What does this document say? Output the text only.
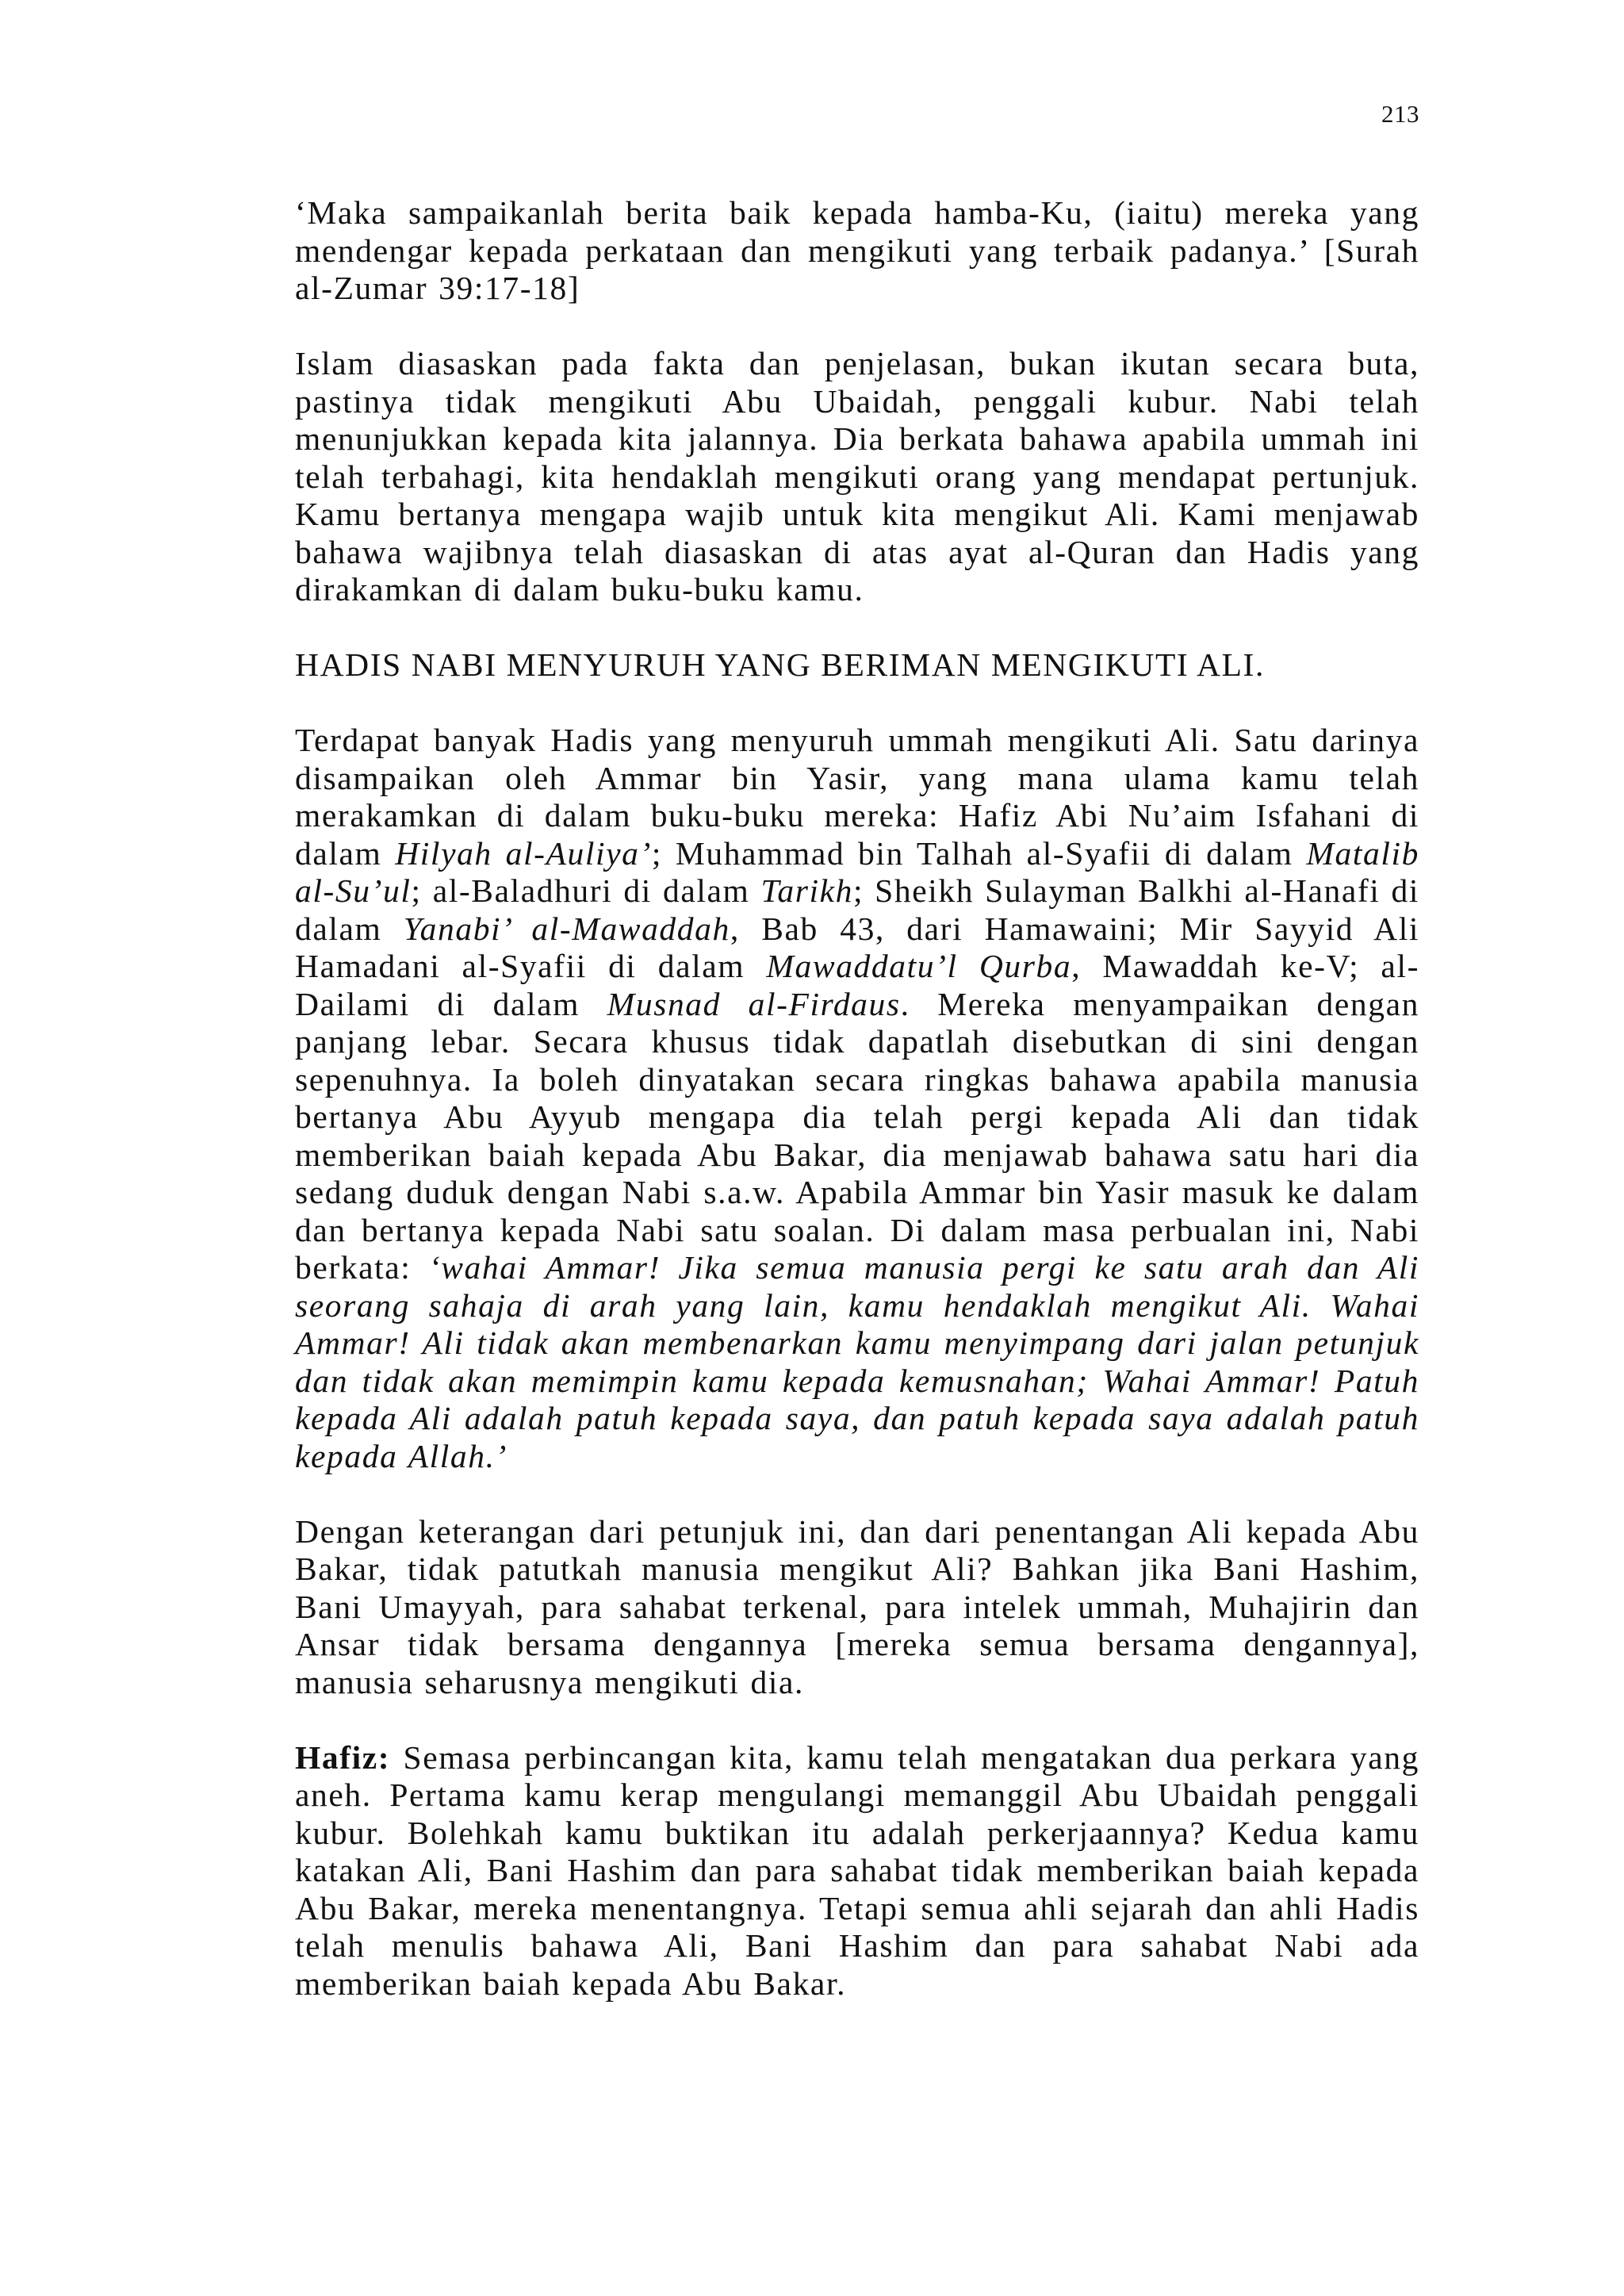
213

‘Maka sampaikanlah berita baik kepada hamba-Ku, (iaitu) mereka yang mendengar kepada perkataan dan mengikuti yang terbaik padanya.’ [Surah al-Zumar 39:17-18]

Islam diasaskan pada fakta dan penjelasan, bukan ikutan secara buta, pastinya tidak mengikuti Abu Ubaidah, penggali kubur. Nabi telah menunjukkan kepada kita jalannya. Dia berkata bahawa apabila ummah ini telah terbahagi, kita hendaklah mengikuti orang yang mendapat pertunjuk. Kamu bertanya mengapa wajib untuk kita mengikut Ali. Kami menjawab bahawa wajibnya telah diasaskan di atas ayat al-Quran dan Hadis yang dirakamkan di dalam buku-buku kamu.

HADIS NABI MENYURUH YANG BERIMAN MENGIKUTI ALI.

Terdapat banyak Hadis yang menyuruh ummah mengikuti Ali. Satu darinya disampaikan oleh Ammar bin Yasir, yang mana ulama kamu telah merakamkan di dalam buku-buku mereka: Hafiz Abi Nu’aim Isfahani di dalam Hilyah al-Auliya’; Muhammad bin Talhah al-Syafii di dalam Matalib al-Su’ul; al-Baladhuri di dalam Tarikh; Sheikh Sulayman Balkhi al-Hanafi di dalam Yanabi’ al-Mawaddah, Bab 43, dari Hamawaini; Mir Sayyid Ali Hamadani al-Syafii di dalam Mawaddatu’l Qurba, Mawaddah ke-V; al-Dailami di dalam Musnad al-Firdaus. Mereka menyampaikan dengan panjang lebar. Secara khusus tidak dapatlah disebutkan di sini dengan sepenuhnya. Ia boleh dinyatakan secara ringkas bahawa apabila manusia bertanya Abu Ayyub mengapa dia telah pergi kepada Ali dan tidak memberikan baiah kepada Abu Bakar, dia menjawab bahawa satu hari dia sedang duduk dengan Nabi s.a.w. Apabila Ammar bin Yasir masuk ke dalam dan bertanya kepada Nabi satu soalan. Di dalam masa perbualan ini, Nabi berkata: ‘wahai Ammar! Jika semua manusia pergi ke satu arah dan Ali seorang sahaja di arah yang lain, kamu hendaklah mengikut Ali. Wahai Ammar! Ali tidak akan membenarkan kamu menyimpang dari jalan petunjuk dan tidak akan memimpin kamu kepada kemusnahan; Wahai Ammar! Patuh kepada Ali adalah patuh kepada saya, dan patuh kepada saya adalah patuh kepada Allah.’

Dengan keterangan dari petunjuk ini, dan dari penentangan Ali kepada Abu Bakar, tidak patutkah manusia mengikut Ali? Bahkan jika Bani Hashim, Bani Umayyah, para sahabat terkenal, para intelek ummah, Muhajirin dan Ansar tidak bersama dengannya [mereka semua bersama dengannya], manusia seharusnya mengikuti dia.

Hafiz: Semasa perbincangan kita, kamu telah mengatakan dua perkara yang aneh. Pertama kamu kerap mengulangi memanggil Abu Ubaidah penggali kubur. Bolehkah kamu buktikan itu adalah perkerjaannya? Kedua kamu katakan Ali, Bani Hashim dan para sahabat tidak memberikan baiah kepada Abu Bakar, mereka menentangnya. Tetapi semua ahli sejarah dan ahli Hadis telah menulis bahawa Ali, Bani Hashim dan para sahabat Nabi ada memberikan baiah kepada Abu Bakar.
